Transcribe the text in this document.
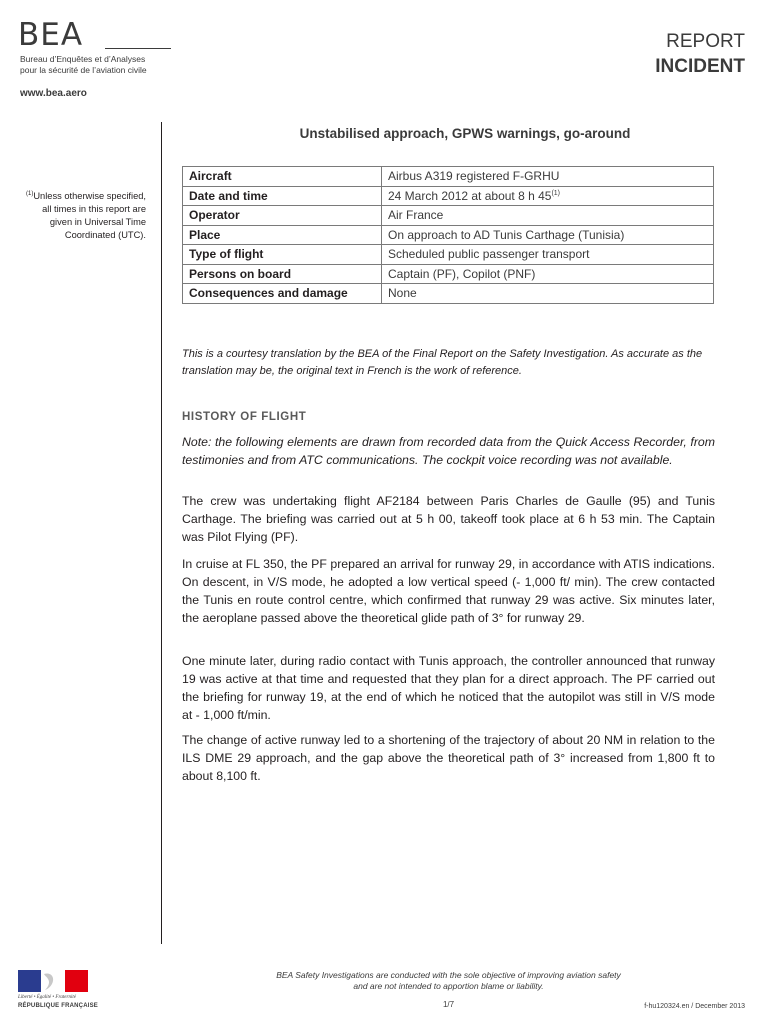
BEA
Bureau d’Enquêtes et d’Analyses
pour la sécurité de l’aviation civile
www.bea.aero
REPORT
INCIDENT
$^{(1)}$Unless otherwise specified, all times in this report are given in Universal Time Coordinated (UTC).
Unstabilised approach, GPWS warnings, go-around
Aircraft	Airbus A319 registered F-GRHU
Date and time	24 March 2012 at about 8 h 45$^{(1)}$
Operator	Air France
Place	On approach to AD Tunis Carthage (Tunisia)
Type of flight	Scheduled public passenger transport
Persons on board	Captain (PF), Copilot (PNF)
Consequences and damage	None
This is a courtesy translation by the BEA of the Final Report on the Safety Investigation. As accurate as the translation may be, the original text in French is the work of reference.
HISTORY OF FLIGHT
Note: the following elements are drawn from recorded data from the Quick Access Recorder, from testimonies and from ATC communications. The cockpit voice recording was not available.
The crew was undertaking flight AF2184 between Paris Charles de Gaulle (95) and Tunis Carthage. The briefing was carried out at 5 h 00, takeoff took place at 6 h 53 min. The Captain was Pilot Flying (PF).
In cruise at FL 350, the PF prepared an arrival for runway 29, in accordance with ATIS indications. On descent, in V/S mode, he adopted a low vertical speed (- 1,000 ft/ min). The crew contacted the Tunis en route control centre, which confirmed that runway 29 was active. Six minutes later, the aeroplane passed above the theoretical glide path of 3° for runway 29.
One minute later, during radio contact with Tunis approach, the controller announced that runway 19 was active at that time and requested that they plan for a direct approach. The PF carried out the briefing for runway 19, at the end of which he noticed that the autopilot was still in V/S mode at - 1,000 ft/min.
The change of active runway led to a shortening of the trajectory of about 20 NM in relation to the ILS DME 29 approach, and the gap above the theoretical path of 3° increased from 1,800 ft to about 8,100 ft.
Liberté • Égalité • Fraternité
RÉPUBLIQUE FRANÇAISE
BEA Safety Investigations are conducted with the sole objective of improving aviation safety
and are not intended to apportion blame or liability.
1/7	f-hu120324.en / December 2013
